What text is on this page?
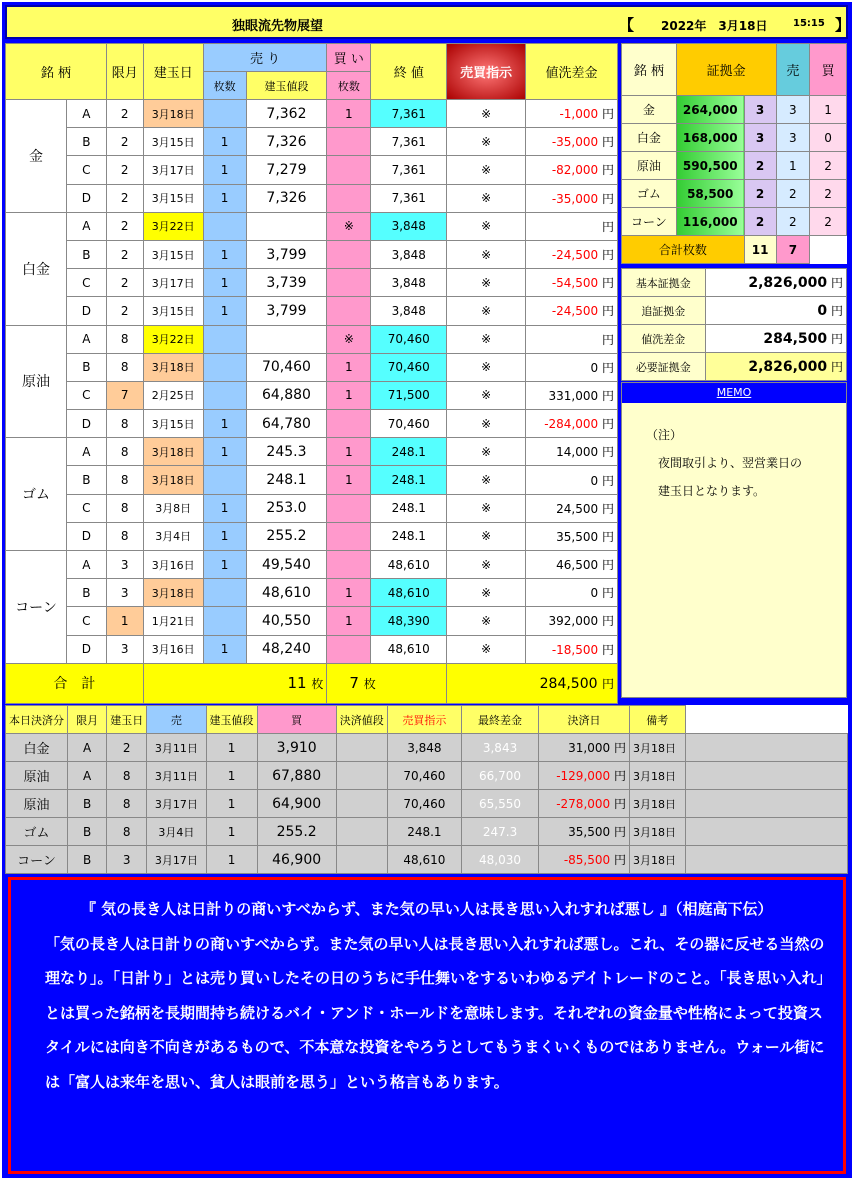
独眼流先物展望	【 2022年　3月18日	15:15 】
銘 柄		限月	建玉日	売 り		買 い	終 値	売買指示	値洗差金
				枚数	建玉値段	枚数			
金	A	2	3月18日		7,362	1	7,361	※	-1,000 円
	B	2	3月15日	1	7,326		7,361	※	-35,000 円
	C	2	3月17日	1	7,279		7,361	※	-82,000 円
	D	2	3月15日	1	7,326		7,361	※	-35,000 円
白金	A	2	3月22日			※	3,848	※	円
	B	2	3月15日	1	3,799		3,848	※	-24,500 円
	C	2	3月17日	1	3,739		3,848	※	-54,500 円
	D	2	3月15日	1	3,799		3,848	※	-24,500 円
原油	A	8	3月22日			※	70,460	※	円
	B	8	3月18日		70,460	1	70,460	※	0 円
	C	7	2月25日		64,880	1	71,500	※	331,000 円
	D	8	3月15日	1	64,780		70,460	※	-284,000 円
ゴム	A	8	3月18日	1	245.3	1	248.1	※	14,000 円
	B	8	3月18日		248.1	1	248.1	※	0 円
	C	8	3月8日	1	253.0		248.1	※	24,500 円
	D	8	3月4日	1	255.2		248.1	※	35,500 円
コーン	A	3	3月16日	1	49,540		48,610	※	46,500 円
	B	3	3月18日		48,610	1	48,610	※	0 円
	C	1	1月21日		40,550	1	48,390	※	392,000 円
	D	3	3月16日	1	48,240		48,610	※	-18,500 円
合　計			11 枚			7 枚		284,500 円	
銘 柄	証拠金		売	買
金	264,000	3	3	1
白金	168,000	3	3	0
原油	590,500	2	1	2
ゴム	58,500	2	2	2
コーン	116,000	2	2	2
合計枚数		11	7	
基本証拠金	2,826,000 円
追証拠金	0 円
値洗差金	284,500 円
必要証拠金	2,826,000 円
MEMO

（注）

　夜間取引より、翌営業日の

　建玉日となります。

本日決済分	限月	建玉日	売	建玉値段	買	決済値段	売買指示	最終差金	決済日	備考	
白金	A	2	3月11日	1	3,910		3,848	3,843	31,000 円	3月18日	
原油	A	8	3月11日	1	67,880		70,460	66,700	-129,000 円	3月18日	
原油	B	8	3月17日	1	64,900		70,460	65,550	-278,000 円	3月18日	
ゴム	B	8	3月4日	1	255.2		248.1	247.3	35,500 円	3月18日	
コーン	B	3	3月17日	1	46,900		48,610	48,030	-85,500 円	3月18日	
『 気の長き人は日計りの商いすべからず、また気の早い人は長き思い入れすれば悪し 』（相庭高下伝）
「気の長き人は日計りの商いすべからず。また気の早い人は長き思い入れすれば悪し。これ、その器に反せる当然の理なり」。「日計り」とは売り買いしたその日のうちに手仕舞いをするいわゆるデイトレードのこと。「長き思い入れ」とは買った銘柄を長期間持ち続けるバイ・アンド・ホールドを意味します。それぞれの資金量や性格によって投資スタイルには向き不向きがあるもので、不本意な投資をやろうとしてもうまくいくものではありません。ウォール街には「富人は来年を思い、貧人は眼前を思う」という格言もあります。
